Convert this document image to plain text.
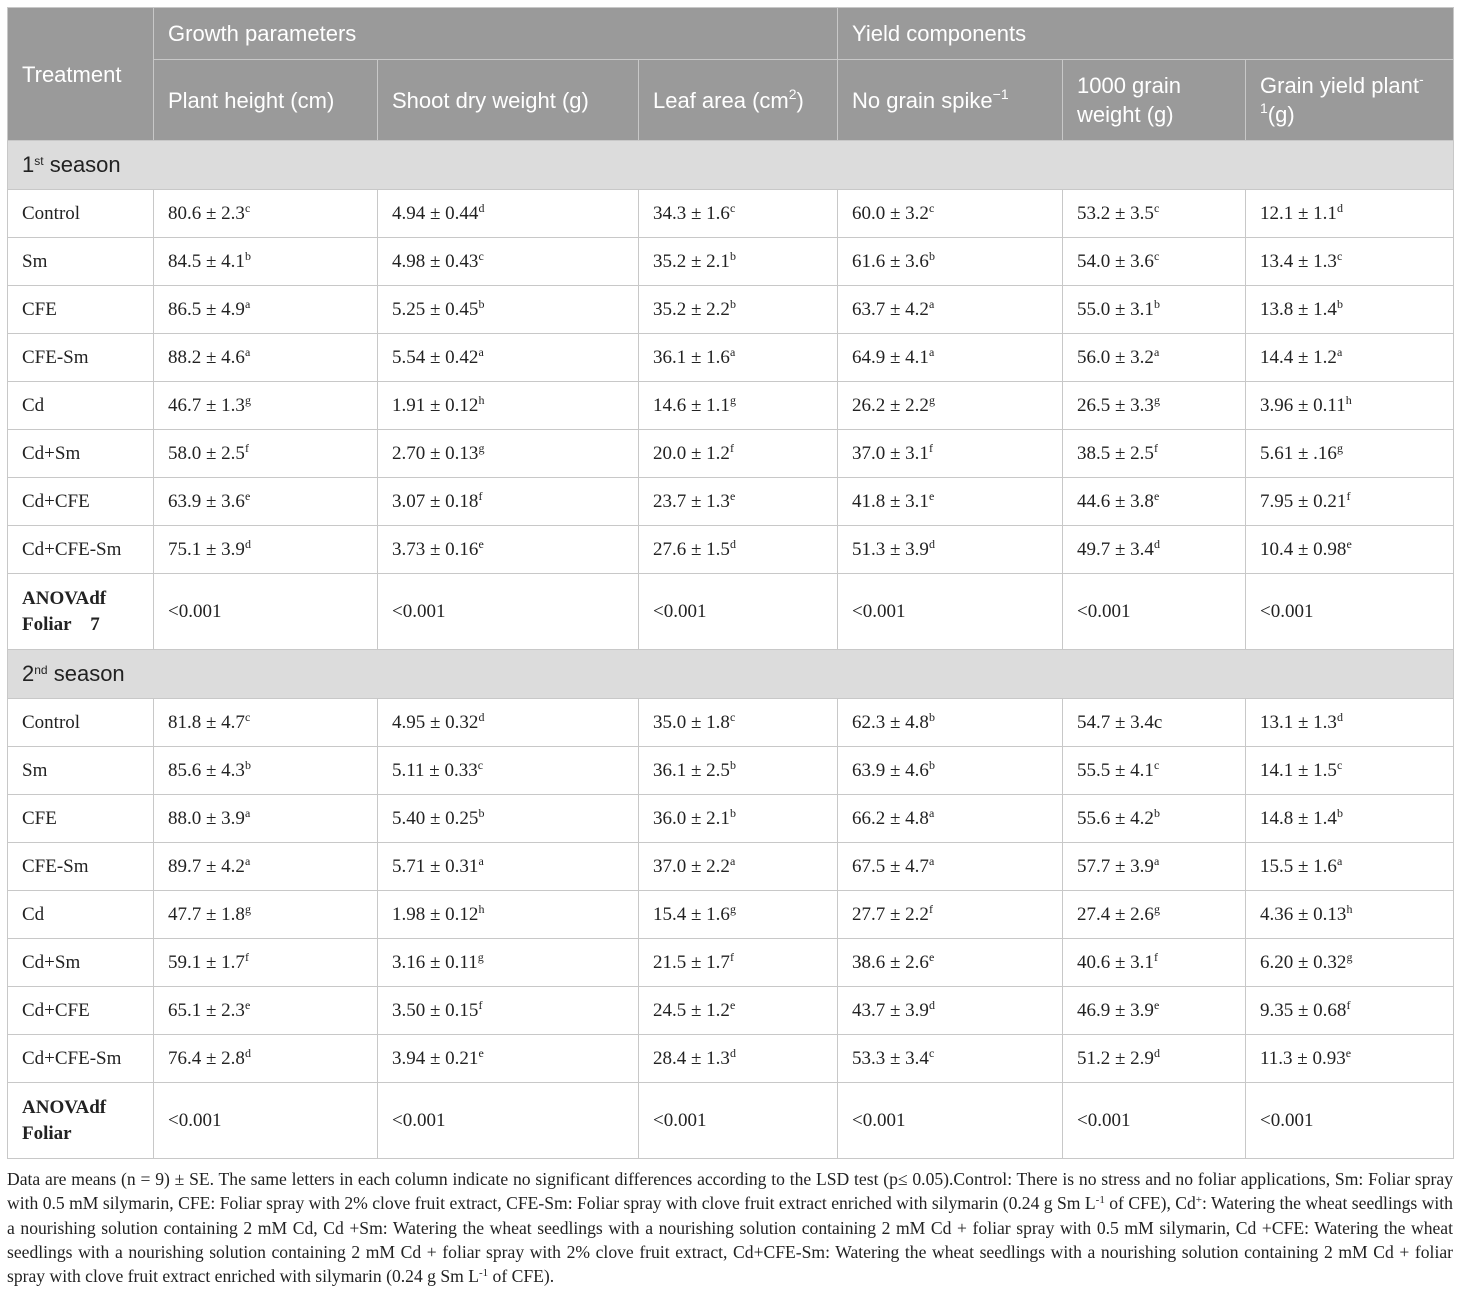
Treatment	Growth parameters			Yield components		
	Plant height (cm)	Shoot dry weight (g)	Leaf area $(cm^2)$	No grain spike$^{-1}$	1000 grain weight (g)	Grain yield plant$^{-1}$(g)
1st season						
Control	80.6 ± 2.3$^c$	4.94 ± 0.44$^d$	34.3 ± 1.6$^c$	60.0 ± 3.2$^c$	53.2 ± 3.5$^c$	12.1 ± 1.1$^d$
Sm	84.5 ± 4.1$^b$	4.98 ± 0.43$^c$	35.2 ± 2.1$^b$	61.6 ± 3.6$^b$	54.0 ± 3.6$^c$	13.4 ± 1.3$^c$
CFE	86.5 ± 4.9$^a$	5.25 ± 0.45$^b$	35.2 ± 2.2$^b$	63.7 ± 4.2$^a$	55.0 ± 3.1$^b$	13.8 ± 1.4$^b$
CFE-Sm	88.2 ± 4.6$^a$	5.54 ± 0.42$^a$	36.1 ± 1.6$^a$	64.9 ± 4.1$^a$	56.0 ± 3.2$^a$	14.4 ± 1.2$^a$
Cd	46.7 ± 1.3$^g$	1.91 ± 0.12$^h$	14.6 ± 1.1$^g$	26.2 ± 2.2$^g$	26.5 ± 3.3$^g$	3.96 ± 0.11$^h$
Cd+Sm	58.0 ± 2.5$^f$	2.70 ± 0.13$^g$	20.0 ± 1.2$^f$	37.0 ± 3.1$^f$	38.5 ± 2.5$^f$	5.61 ± .16$^g$
Cd+CFE	63.9 ± 3.6$^e$	3.07 ± 0.18$^f$	23.7 ± 1.3$^e$	41.8 ± 3.1$^e$	44.6 ± 3.8$^e$	7.95 ± 0.21$^f$
Cd+CFE-Sm	75.1 ± 3.9$^d$	3.73 ± 0.16$^e$	27.6 ± 1.5$^d$	51.3 ± 3.9$^d$	49.7 ± 3.4$^d$	10.4 ± 0.98$^e$

ANOVAdf
Foliar    7	<0.001	<0.001	<0.001	<0.001	<0.001	<0.001
2nd season						
Control	81.8 ± 4.7$^c$	4.95 ± 0.32$^d$	35.0 ± 1.8$^c$	62.3 ± 4.8$^b$	54.7 ± 3.4c	13.1 ± 1.3$^d$
Sm	85.6 ± 4.3$^b$	5.11 ± 0.33$^c$	36.1 ± 2.5$^b$	63.9 ± 4.6$^b$	55.5 ± 4.1$^c$	14.1 ± 1.5$^c$
CFE	88.0 ± 3.9$^a$	5.40 ± 0.25$^b$	36.0 ± 2.1$^b$	66.2 ± 4.8$^a$	55.6 ± 4.2$^b$	14.8 ± 1.4$^b$
CFE-Sm	89.7 ± 4.2$^a$	5.71 ± 0.31$^a$	37.0 ± 2.2$^a$	67.5 ± 4.7$^a$	57.7 ± 3.9$^a$	15.5 ± 1.6$^a$
Cd	47.7 ± 1.8$^g$	1.98 ± 0.12$^h$	15.4 ± 1.6$^g$	27.7 ± 2.2$^f$	27.4 ± 2.6$^g$	4.36 ± 0.13$^h$
Cd+Sm	59.1 ± 1.7$^f$	3.16 ± 0.11$^g$	21.5 ± 1.7$^f$	38.6 ± 2.6$^e$	40.6 ± 3.1$^f$	6.20 ± 0.32$^g$
Cd+CFE	65.1 ± 2.3$^e$	3.50 ± 0.15$^f$	24.5 ± 1.2$^e$	43.7 ± 3.9$^d$	46.9 ± 3.9$^e$	9.35 ± 0.68$^f$
Cd+CFE-Sm	76.4 ± 2.8$^d$	3.94 ± 0.21$^e$	28.4 ± 1.3$^d$	53.3 ± 3.4$^c$	51.2 ± 2.9$^d$	11.3 ± 0.93$^e$

ANOVAdf
Foliar	<0.001	<0.001	<0.001	<0.001	<0.001	<0.001
Data are means (n = 9) ± SE. The same letters in each column indicate no significant differences according to the LSD test (p≤ 0.05).Control: There is no stress and no foliar applications, Sm: Foliar spray with 0.5 mM silymarin, CFE: Foliar spray with 2% clove fruit extract, CFE-Sm: Foliar spray with clove fruit extract enriched with silymarin (0.24 g Sm $L^{-1}$ of CFE), Cd+: Watering the wheat seedlings with a nourishing solution containing 2 mM Cd, Cd +Sm: Watering the wheat seedlings with a nourishing solution containing 2 mM Cd + foliar spray with 0.5 mM silymarin, Cd +CFE: Watering the wheat seedlings with a nourishing solution containing 2 mM Cd + foliar spray with 2% clove fruit extract, Cd+CFE-Sm: Watering the wheat seedlings with a nourishing solution containing 2 mM Cd + foliar spray with clove fruit extract enriched with silymarin (0.24 g Sm $L^{-1}$ of CFE).
